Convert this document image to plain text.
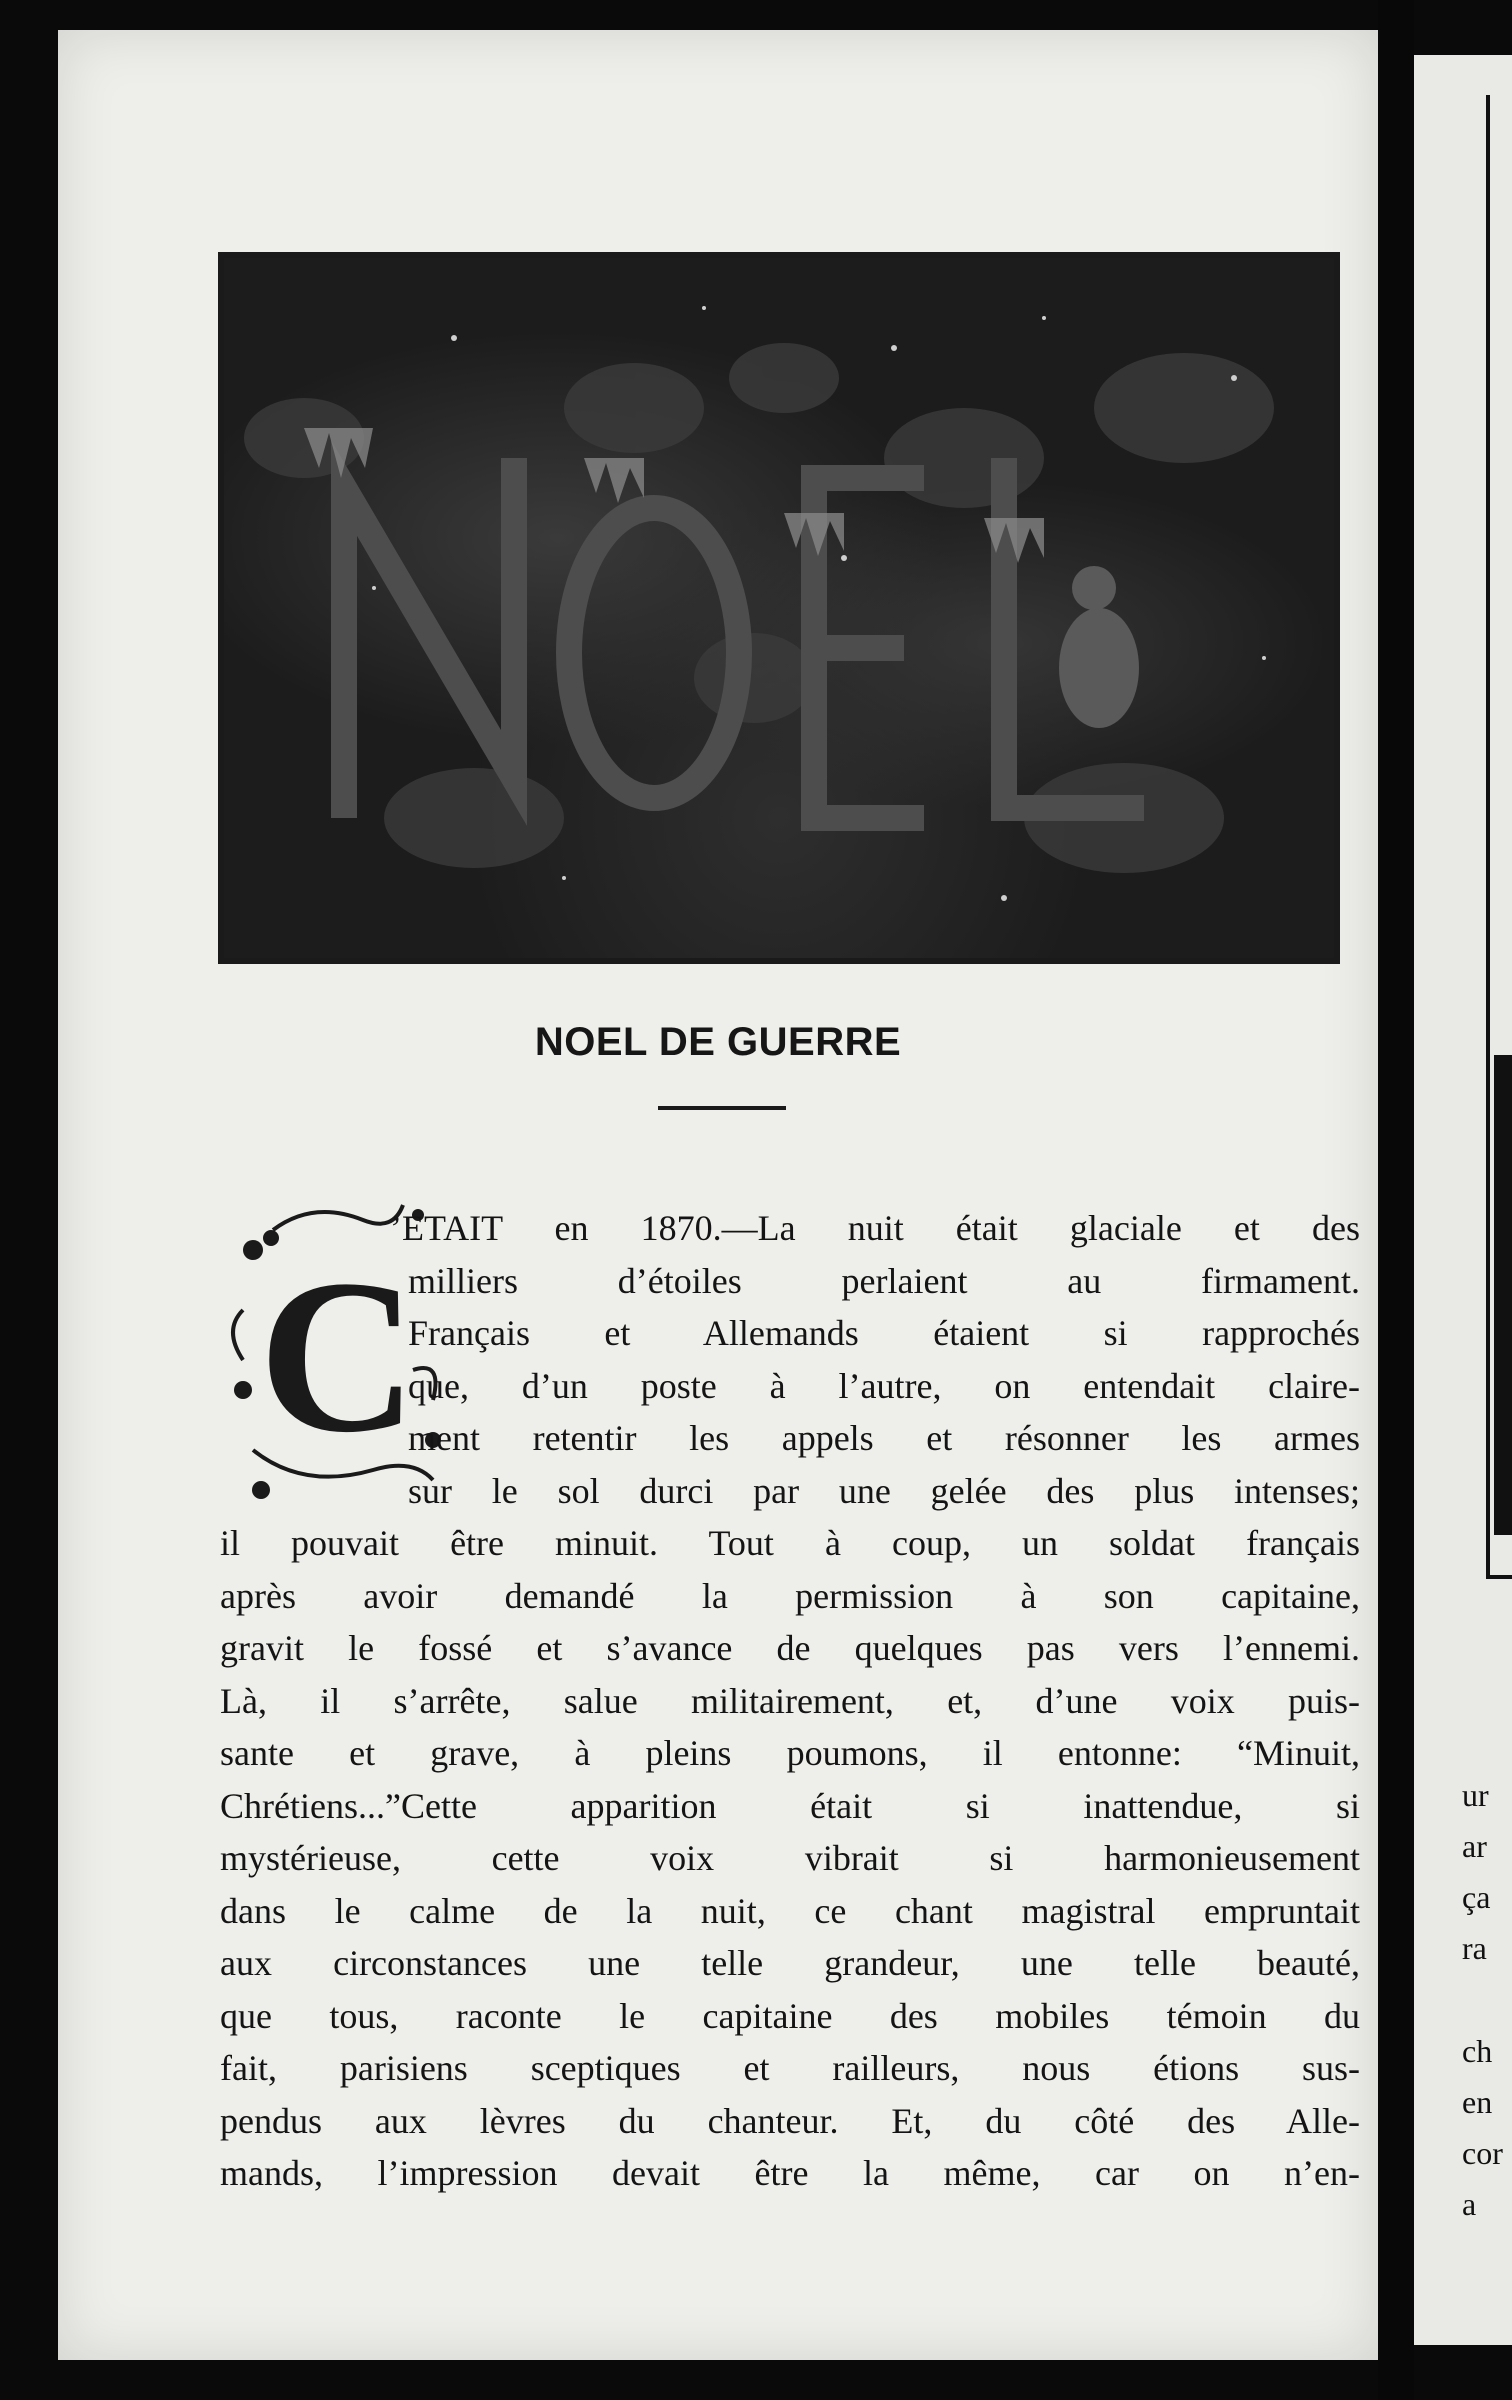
ur
ar
ça
ra
ch
en
cor
a
NOEL DE GUERRE
C
’ETAIT en 1870.—La nuit était glaciale et des
milliers d’étoiles perlaient au firmament.
Français et Allemands étaient si rapprochés
que, d’un poste à l’autre, on entendait claire-
ment retentir les appels et résonner les armes
sur le sol durci par une gelée des plus intenses;
il pouvait être minuit. Tout à coup, un soldat français
après avoir demandé la permission à son capitaine,
gravit le fossé et s’avance de quelques pas vers l’ennemi.
Là, il s’arrête, salue militairement, et, d’une voix puis-
sante et grave, à pleins poumons, il entonne: “Minuit,
Chrétiens...”Cette apparition était si inattendue, si
mystérieuse, cette voix vibrait si harmonieusement
dans le calme de la nuit, ce chant magistral empruntait
aux circonstances une telle grandeur, une telle beauté,
que tous, raconte le capitaine des mobiles témoin du
fait, parisiens sceptiques et railleurs, nous étions sus-
pendus aux lèvres du chanteur. Et, du côté des Alle-
mands, l’impression devait être la même, car on n’en-
